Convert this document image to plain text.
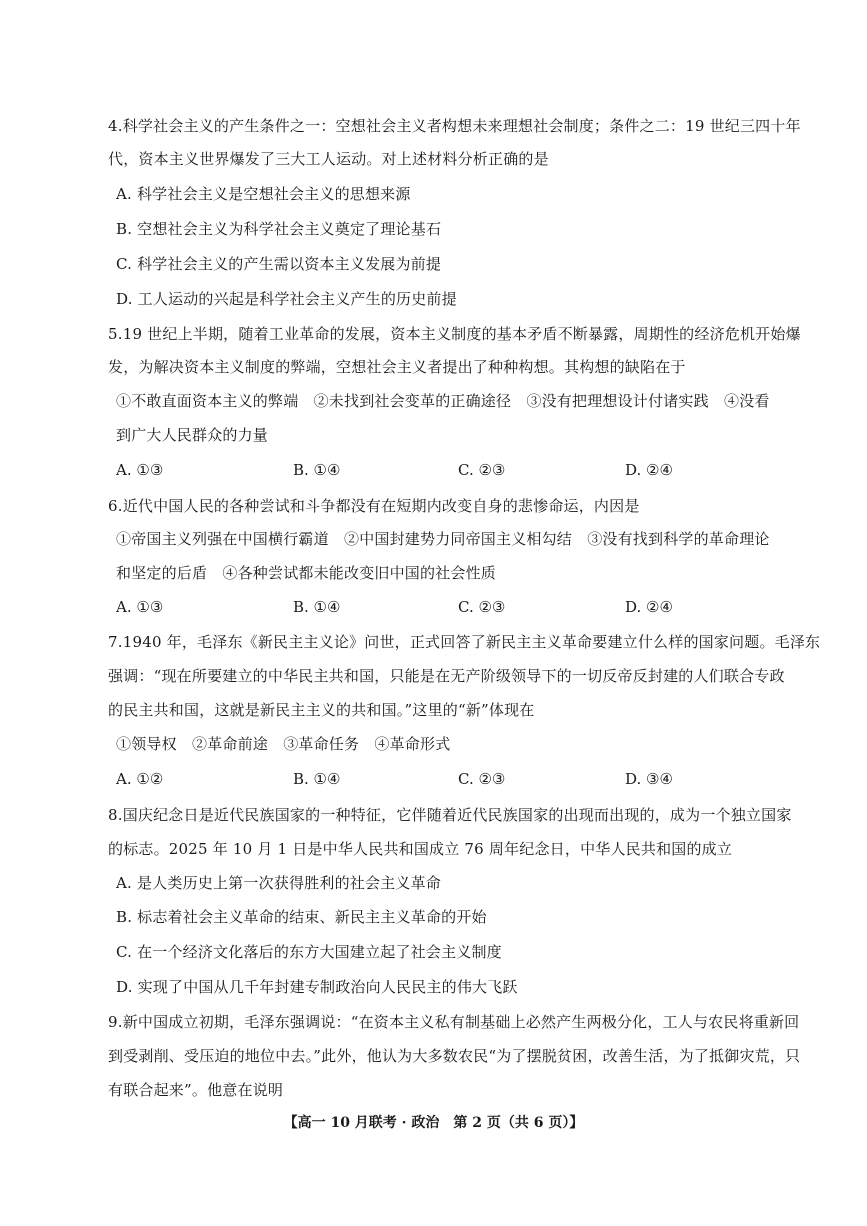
4.科学社会主义的产生条件之一：空想社会主义者构想未来理想社会制度；条件之二：19 世纪三四十年
代，资本主义世界爆发了三大工人运动。对上述材料分析正确的是
A. 科学社会主义是空想社会主义的思想来源
B. 空想社会主义为科学社会主义奠定了理论基石
C. 科学社会主义的产生需以资本主义发展为前提
D. 工人运动的兴起是科学社会主义产生的历史前提
5.19 世纪上半期，随着工业革命的发展，资本主义制度的基本矛盾不断暴露，周期性的经济危机开始爆
发，为解决资本主义制度的弊端，空想社会主义者提出了种种构想。其构想的缺陷在于
①不敢直面资本主义的弊端　②未找到社会变革的正确途径　③没有把理想设计付诸实践　④没看
到广大人民群众的力量
A. ①③	B. ①④	C. ②③	D. ②④
6.近代中国人民的各种尝试和斗争都没有在短期内改变自身的悲惨命运，内因是
①帝国主义列强在中国横行霸道　②中国封建势力同帝国主义相勾结　③没有找到科学的革命理论
和坚定的后盾　④各种尝试都未能改变旧中国的社会性质
A. ①③	B. ①④	C. ②③	D. ②④
7.1940 年，毛泽东《新民主主义论》问世，正式回答了新民主主义革命要建立什么样的国家问题。毛泽东
强调：“现在所要建立的中华民主共和国，只能是在无产阶级领导下的一切反帝反封建的人们联合专政
的民主共和国，这就是新民主主义的共和国。”这里的“新”体现在
①领导权　②革命前途　③革命任务　④革命形式
A. ①②	B. ①④	C. ②③	D. ③④
8.国庆纪念日是近代民族国家的一种特征，它伴随着近代民族国家的出现而出现的，成为一个独立国家
的标志。2025 年 10 月 1 日是中华人民共和国成立 76 周年纪念日，中华人民共和国的成立
A. 是人类历史上第一次获得胜利的社会主义革命
B. 标志着社会主义革命的结束、新民主主义革命的开始
C. 在一个经济文化落后的东方大国建立起了社会主义制度
D. 实现了中国从几千年封建专制政治向人民民主的伟大飞跃
9.新中国成立初期，毛泽东强调说：“在资本主义私有制基础上必然产生两极分化，工人与农民将重新回
到受剥削、受压迫的地位中去。”此外，他认为大多数农民“为了摆脱贫困，改善生活，为了抵御灾荒，只
有联合起来”。他意在说明
【高一 10 月联考 · 政治　第 2 页（共 6 页）】
